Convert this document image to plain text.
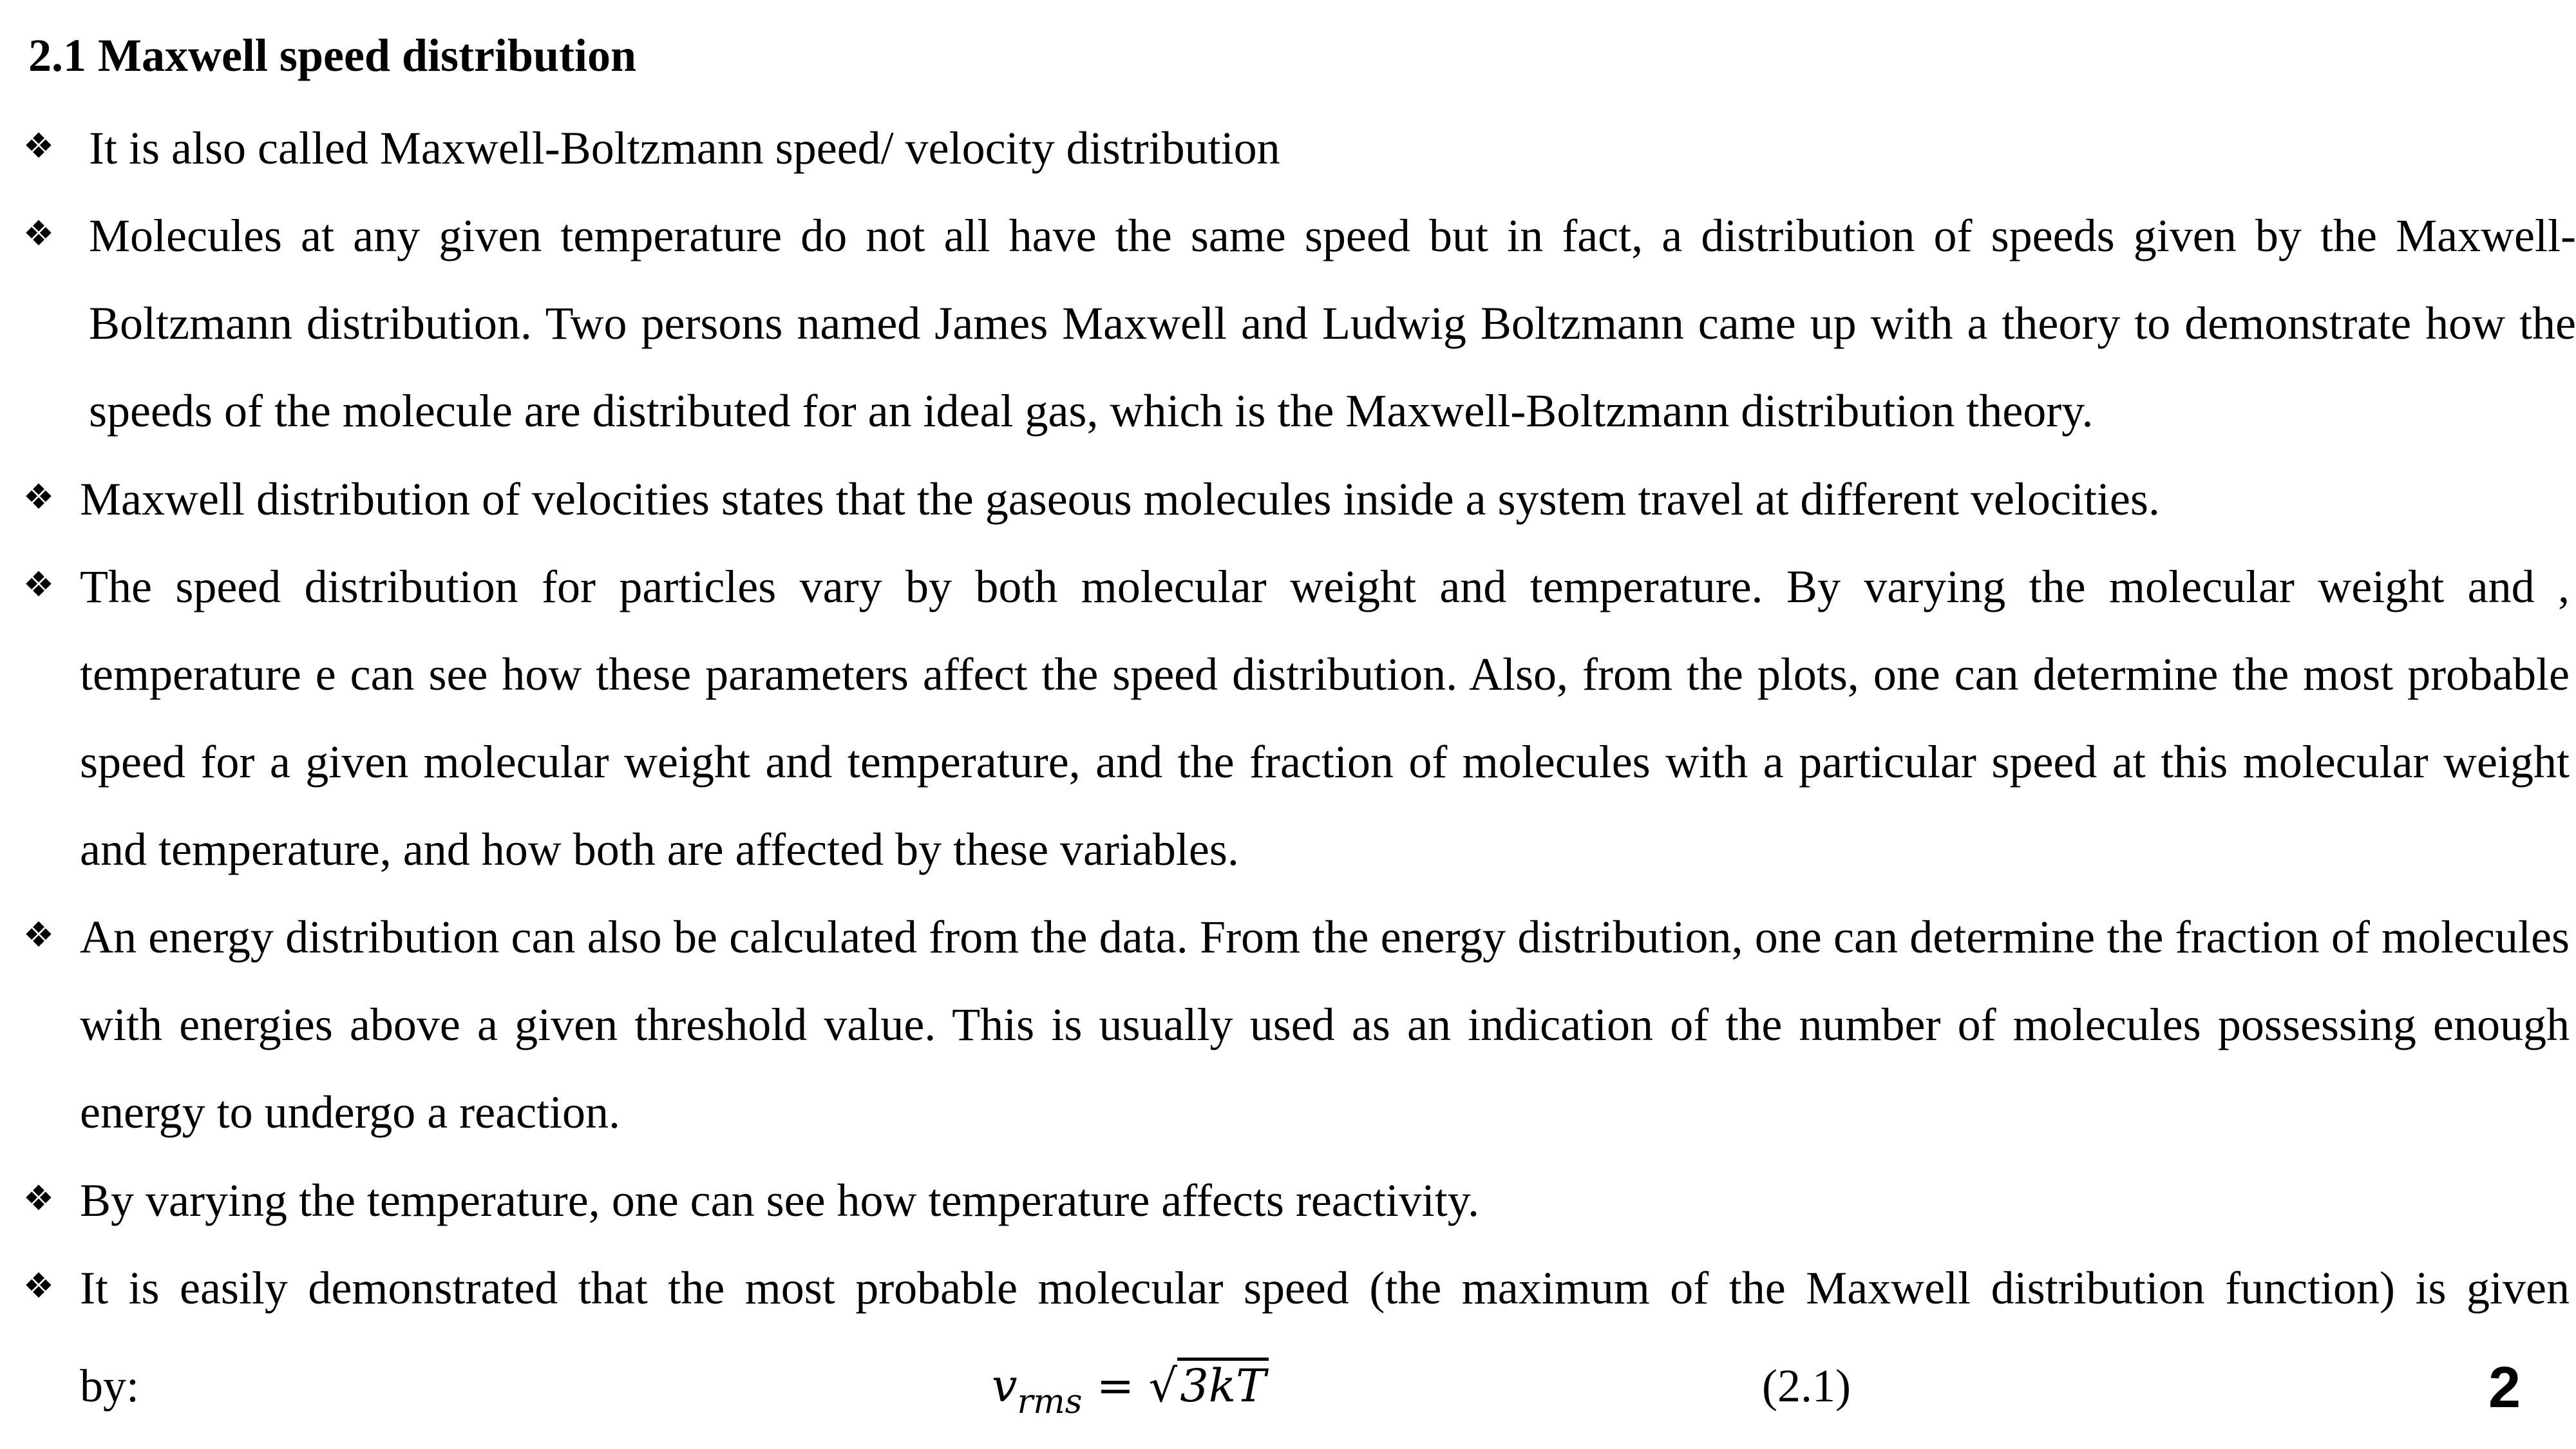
2.1 Maxwell speed distribution
❖ It is also called Maxwell-Boltzmann speed/ velocity distribution
❖ Molecules at any given temperature do not all have the same speed but in fact, a distribution of speeds given by the Maxwell-Boltzmann distribution. Two persons named James Maxwell and Ludwig Boltzmann came up with a theory to demonstrate how the speeds of the molecule are distributed for an ideal gas, which is the Maxwell-Boltzmann distribution theory.
❖ Maxwell distribution of velocities states that the gaseous molecules inside a system travel at different velocities.
❖ The speed distribution for particles vary by both molecular weight and temperature. By varying the molecular weight and , temperature e can see how these parameters affect the speed distribution. Also, from the plots, one can determine the most probable speed for a given molecular weight and temperature, and the fraction of molecules with a particular speed at this molecular weight and temperature, and how both are affected by these variables.
❖ An energy distribution can also be calculated from the data. From the energy distribution, one can determine the fraction of molecules with energies above a given threshold value. This is usually used as an indication of the number of molecules possessing enough energy to undergo a reaction.
❖ By varying the temperature, one can see how temperature affects reactivity.
❖ It is easily demonstrated that the most probable molecular speed (the maximum of the Maxwell distribution function) is given
by:	$v_{rms} = √3kT$	(2.1)	2
